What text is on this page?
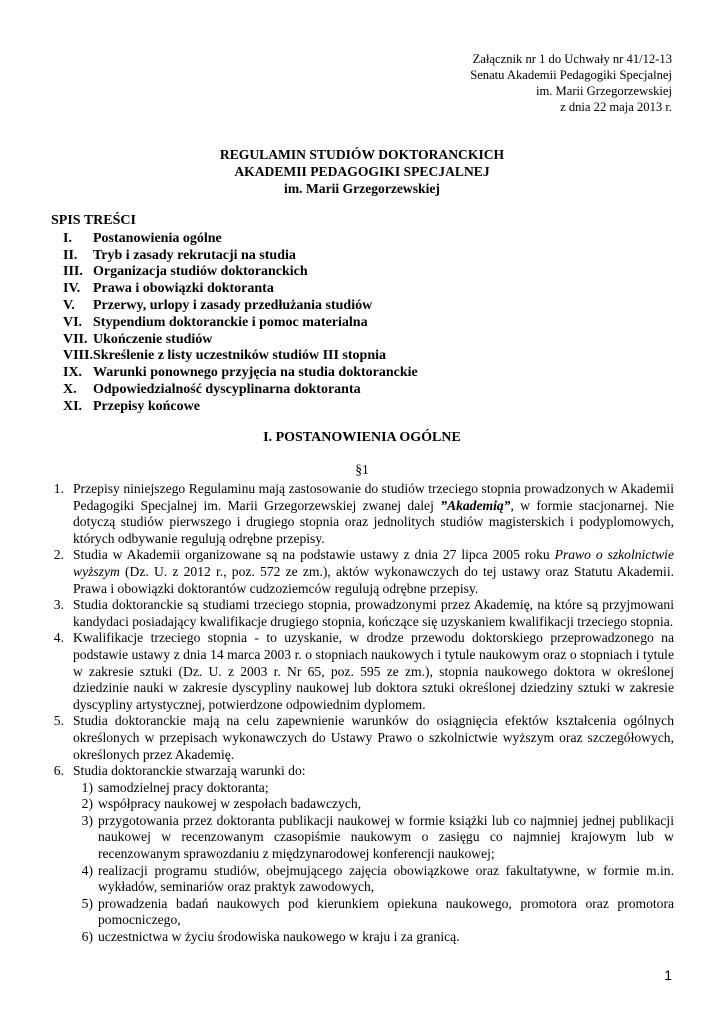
Załącznik nr 1 do Uchwały nr 41/12-13
Senatu Akademii Pedagogiki Specjalnej
im. Marii Grzegorzewskiej
z dnia 22 maja 2013 r.
REGULAMIN STUDIÓW DOKTORANCKICH
AKADEMII PEDAGOGIKI SPECJALNEJ
im. Marii Grzegorzewskiej
SPIS TREŚCI
I. Postanowienia ogólne
II. Tryb i zasady rekrutacji na studia
III. Organizacja studiów doktoranckich
IV. Prawa i obowiązki doktoranta
V. Przerwy, urlopy i zasady przedłużania studiów
VI. Stypendium doktoranckie i pomoc materialna
VII. Ukończenie studiów
VIII. Skreślenie z listy uczestników studiów III stopnia
IX. Warunki ponownego przyjęcia na studia doktoranckie
X. Odpowiedzialność dyscyplinarna doktoranta
XI. Przepisy końcowe
I. POSTANOWIENIA OGÓLNE
§1
1. Przepisy niniejszego Regulaminu mają zastosowanie do studiów trzeciego stopnia prowadzonych w Akademii Pedagogiki Specjalnej im. Marii Grzegorzewskiej zwanej dalej ”Akademią”, w formie stacjonarnej. Nie dotyczą studiów pierwszego i drugiego stopnia oraz jednolitych studiów magisterskich i podyplomowych, których odbywanie regulują odrębne przepisy.
2. Studia w Akademii organizowane są na podstawie ustawy z dnia 27 lipca 2005 roku Prawo o szkolnictwie wyższym (Dz. U. z 2012 r., poz. 572 ze zm.), aktów wykonawczych do tej ustawy oraz Statutu Akademii. Prawa i obowiązki doktorantów cudzoziemców regulują odrębne przepisy.
3. Studia doktoranckie są studiami trzeciego stopnia, prowadzonymi przez Akademię, na które są przyjmowani kandydaci posiadający kwalifikacje drugiego stopnia, kończące się uzyskaniem kwalifikacji trzeciego stopnia.
4. Kwalifikacje trzeciego stopnia - to uzyskanie, w drodze przewodu doktorskiego przeprowadzonego na podstawie ustawy z dnia 14 marca 2003 r. o stopniach naukowych i tytule naukowym oraz o stopniach i tytule w zakresie sztuki (Dz. U. z 2003 r. Nr 65, poz. 595 ze zm.), stopnia naukowego doktora w określonej dziedzinie nauki w zakresie dyscypliny naukowej lub doktora sztuki określonej dziedziny sztuki w zakresie dyscypliny artystycznej, potwierdzone odpowiednim dyplomem.
5. Studia doktoranckie mają na celu zapewnienie warunków do osiągnięcia efektów kształcenia ogólnych określonych w przepisach wykonawczych do Ustawy Prawo o szkolnictwie wyższym oraz szczegółowych, określonych przez Akademię.
6. Studia doktoranckie stwarzają warunki do:
1) samodzielnej pracy doktoranta;
2) współpracy naukowej w zespołach badawczych,
3) przygotowania przez doktoranta publikacji naukowej w formie książki lub co najmniej jednej publikacji naukowej w recenzowanym czasopiśmie naukowym o zasięgu co najmniej krajowym lub w recenzowanym sprawozdaniu z międzynarodowej konferencji naukowej;
4) realizacji programu studiów, obejmującego zajęcia obowiązkowe oraz fakultatywne, w formie m.in. wykładów, seminariów oraz praktyk zawodowych,
5) prowadzenia badań naukowych pod kierunkiem opiekuna naukowego, promotora oraz promotora pomocniczego,
6) uczestnictwa w życiu środowiska naukowego w kraju i za granicą.
1
